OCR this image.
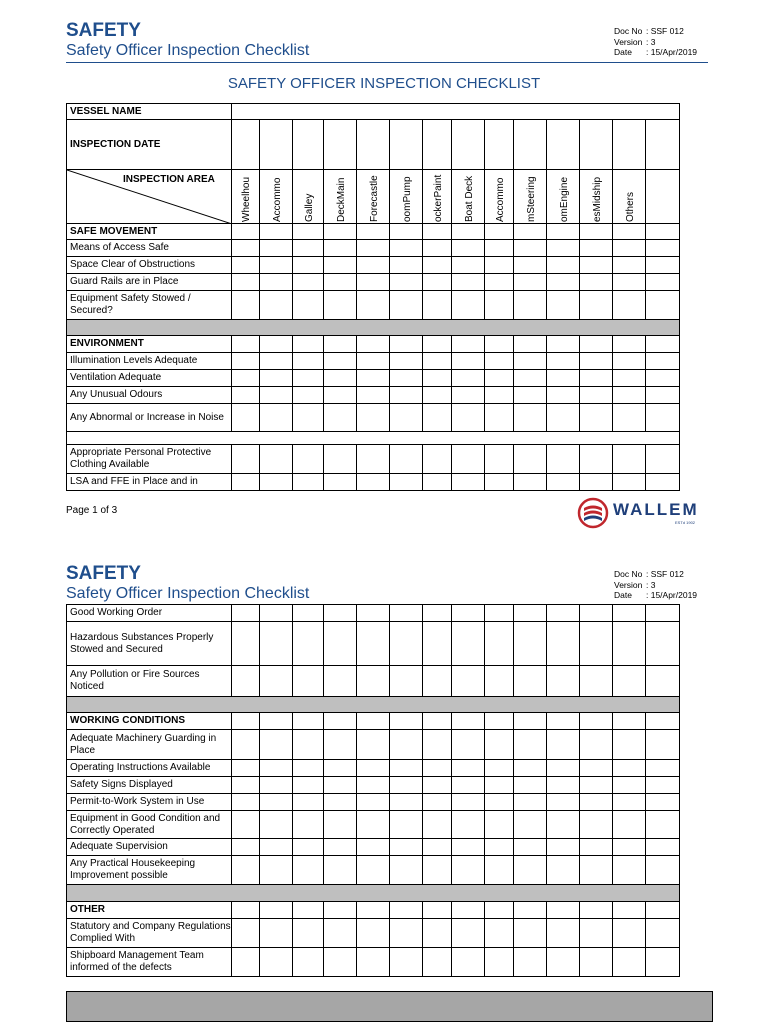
SAFETY
Safety Officer Inspection Checklist
Doc No : SSF 012
Version : 3
Date : 15/Apr/2019
SAFETY OFFICER INSPECTION CHECKLIST
VESSEL NAME														
INSPECTION DATE														

INSPECTION AREA	Wheelhou	Accommo	Galley	DeckMain	Forecastle	oomPump	ockerPaint	Boat Deck	Accommo	mSteering	omEngine	esMidship	Others	

SAFE MOVEMENT														
Means of Access Safe														
Space Clear of Obstructions														
Guard Rails are in Place														
Equipment Safety Stowed / Secured?														

ENVIRONMENT														
Illumination Levels Adequate														
Ventilation Adequate														
Any Unusual Odours														
Any Abnormal or Increase in Noise														

Appropriate Personal Protective Clothing Available														
LSA and FFE in Place and in														
Page 1 of 3	WALLEM
ESTd 1902
SAFETY
Safety Officer Inspection Checklist
Doc No : SSF 012
Version : 3
Date : 15/Apr/2019
Good Working Order														
Hazardous Substances Properly Stowed and Secured														
Any Pollution or Fire Sources Noticed														

WORKING CONDITIONS														
Adequate Machinery Guarding in Place														
Operating Instructions Available														
Safety Signs Displayed														
Permit-to-Work System in Use														
Equipment in Good Condition and Correctly Operated														
Adequate Supervision														
Any Practical Housekeeping Improvement possible														

OTHER														
Statutory and Company Regulations Complied With														
Shipboard Management Team informed of the defects														
